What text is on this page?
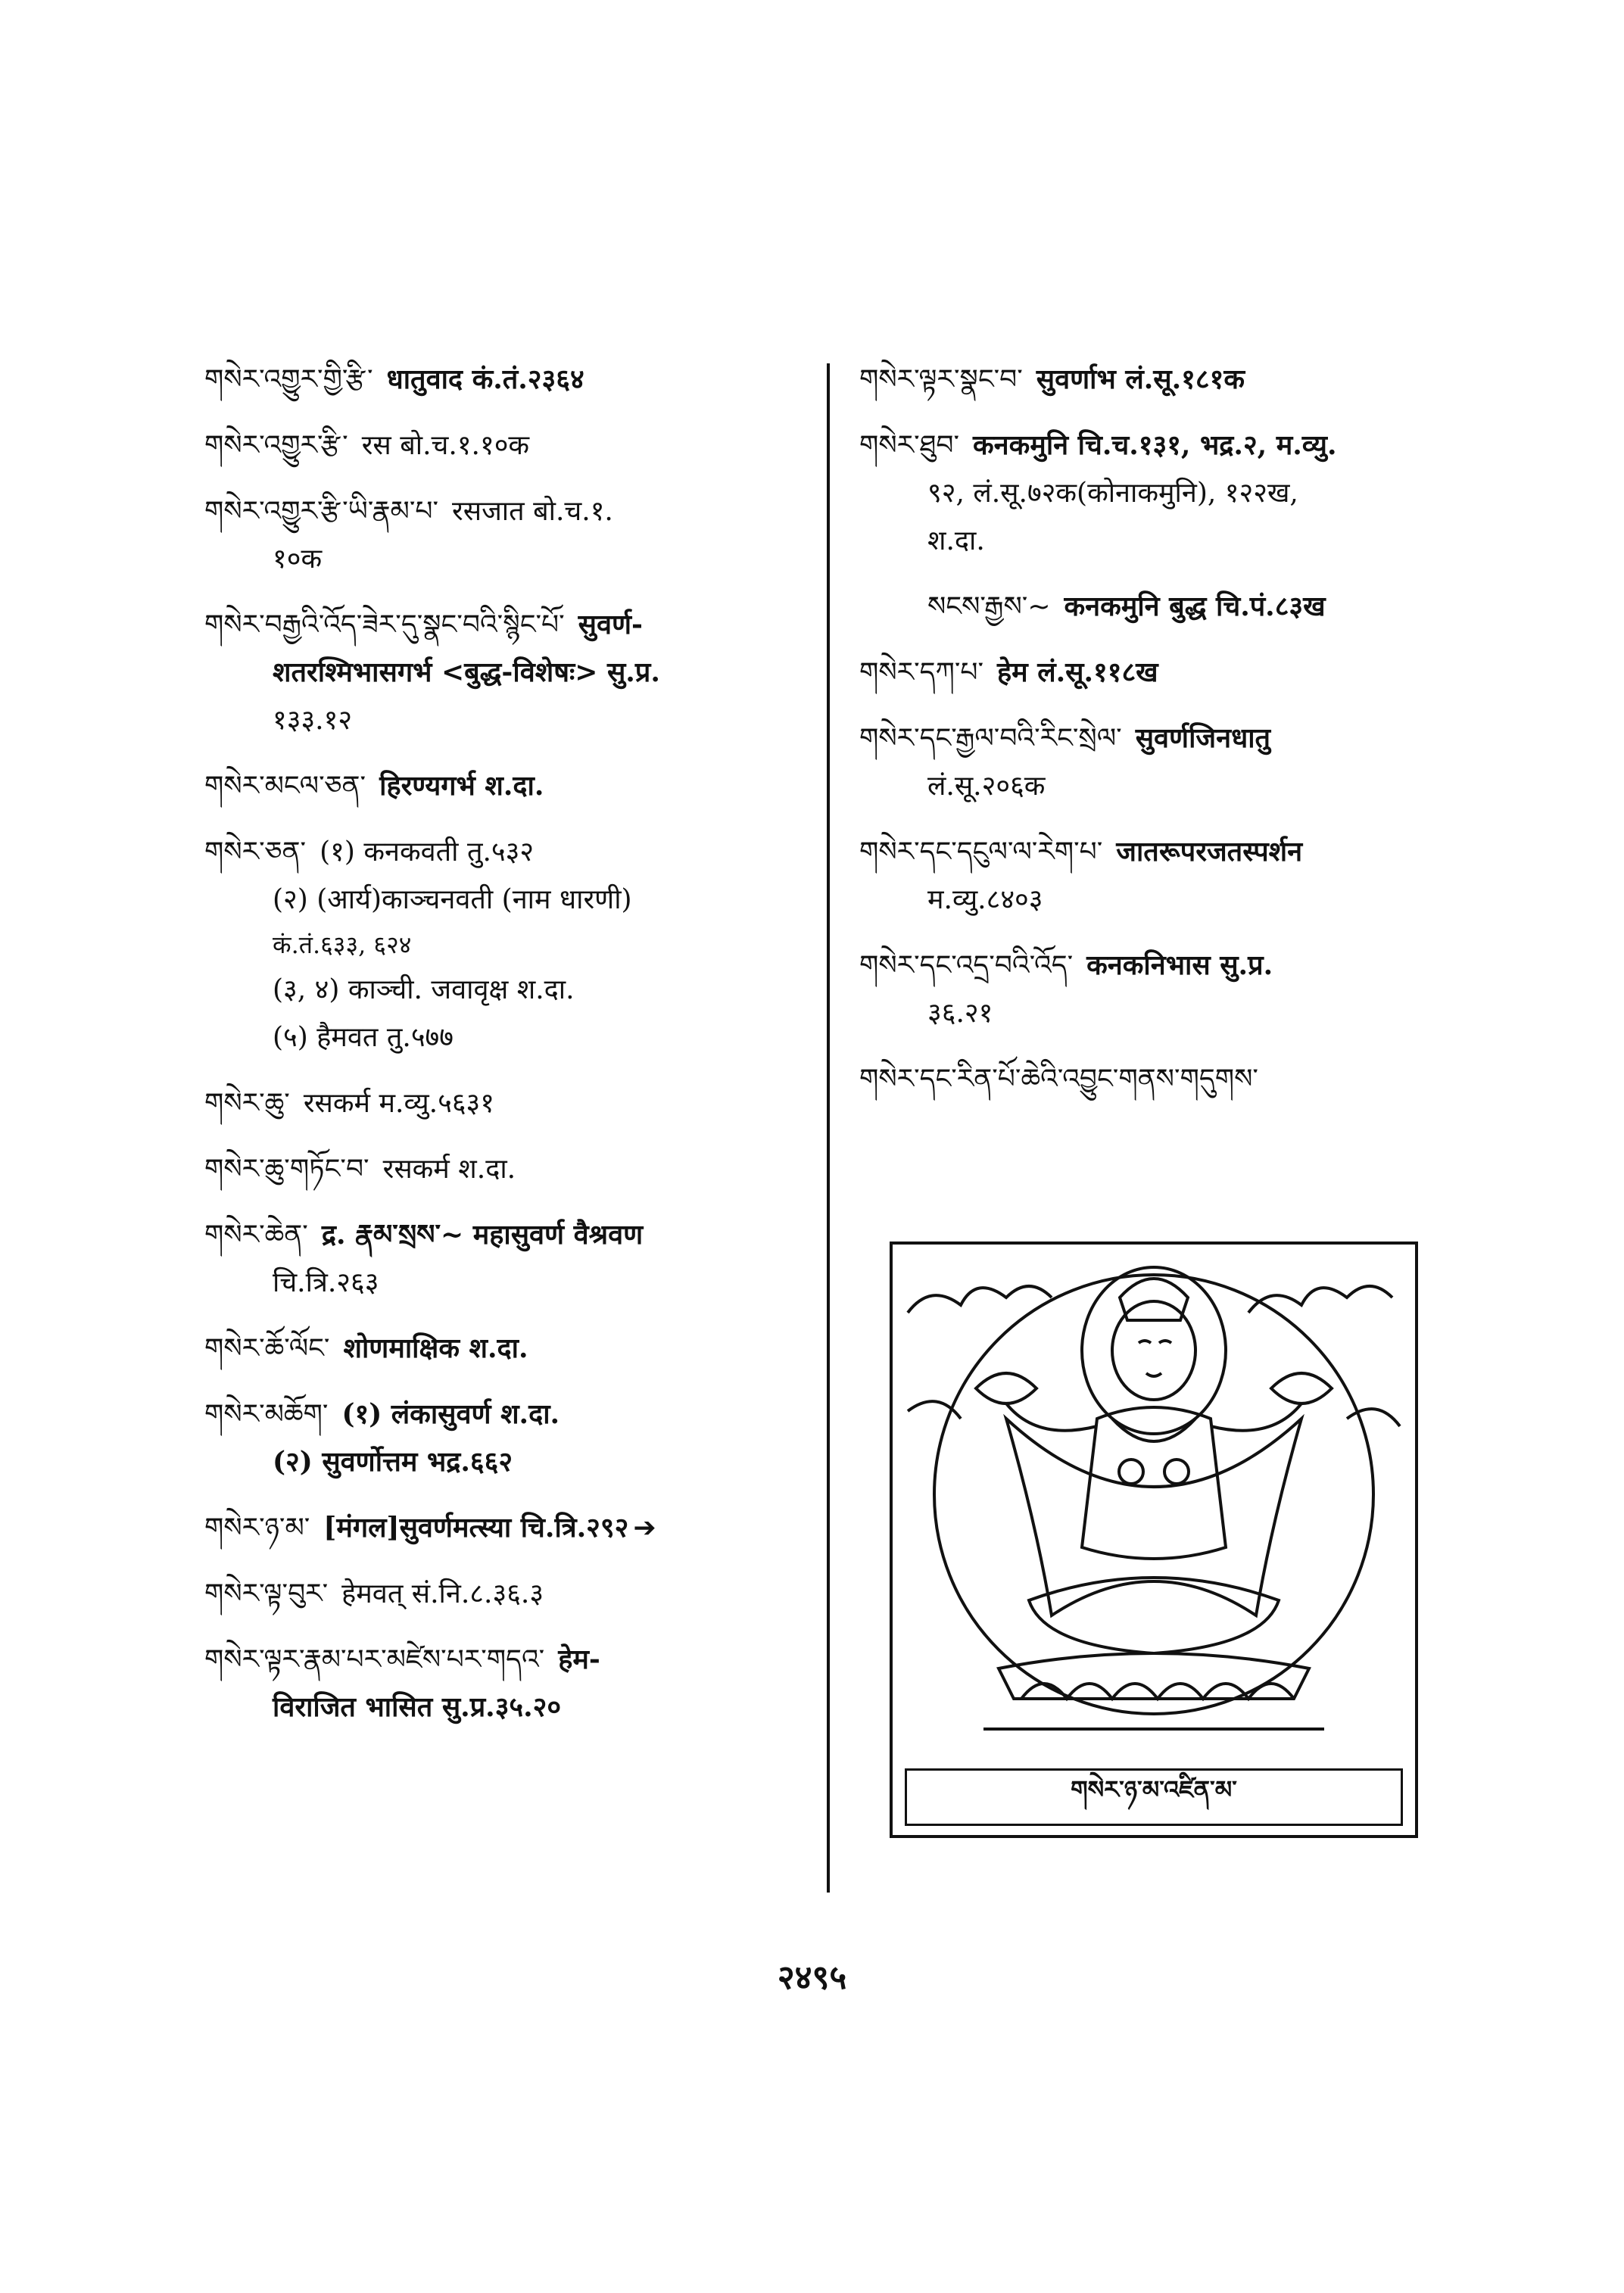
གསེར་འགྱུར་གྱི་རྩི་ धातुवाद कं.तं.२३६४
གསེར་འགྱུར་རྩི་ रस बो.च.१.१०क
གསེར་འགྱུར་རྩི་ཡི་རྣམ་པ་ रसजात बो.च.१.
१०क
གསེར་བརྒྱའི་འོད་ཟེར་དུ་སྣང་བའི་སྙིང་པོ་ सुवर्ण-
शतरश्मिभासगर्भ <बुद्ध-विशेषः> सु.प्र.
१३३.१२
གསེར་མངལ་ཅན་ हिरण्यगर्भ श.दा.
གསེར་ཅན་ (१) कनकवती तु.५३२
(२) (आर्य)काञ्चनवती (नाम धारणी)
कं.तं.६३३, ६२४
(३, ४) काञ्ची. जवावृक्ष श.दा.
(५) हैमवत तु.५७७
གསེར་ཆུ་ रसकर्म म.व्यु.५६३१
གསེར་ཆུ་གཏོང་བ་ रसकर्म श.दा.
གསེར་ཆེན་ द्र. རྣམ་སྲས་~ महासुवर्ण वैश्रवण
चि.त्रि.२६३
གསེར་ཆོ་ལོང་ शोणमाक्षिक श.दा.
གསེར་མཆོག་ (१) लंकासुवर्ण श.दा.
(२) सुवर्णोत्तम भद्र.६६२
གསེར་ཉ་མ་ [मंगल]सुवर्णमत्स्या चि.त्रि.२९२ ➔
གསེར་ལྟ་བུར་ हेमवत् सं.नि.८.३६.३
གསེར་ལྟར་རྣམ་པར་མཛེས་པར་གདའ་ हेम-
विराजित भासित सु.प्र.३५.२०
གསེར་ལྟར་སྣང་བ་ सुवर्णाभ लं.सू.१८१क
གསེར་ཐུབ་ कनकमुनि चि.च.१३१, भद्र.२, म.व्यु.
९२, लं.सू.७२क(कोनाकमुनि), १२२ख,
श.दा.
སངས་རྒྱས་~ कनकमुनि बुद्ध चि.पं.८३ख
གསེར་དཀ་པ་ हेम लं.सू.११८ख
གསེར་དང་རྒྱལ་བའི་རིང་སྲེལ་ सुवर्णजिनधातु
लं.सू.२०६क
གསེར་དང་དངུལ་ལ་རེག་པ་ जातरूपरजतस्पर्शन
म.व्यु.८४०३
གསེར་དང་འདྲ་བའི་འོད་ कनकनिभास सु.प्र.
३६.२१
གསེར་དང་རིན་པོ་ཆེའི་འབྱུང་གནས་གདུགས་
གསེར་ཉ་མ་འཛིན་མ་
२४९५
